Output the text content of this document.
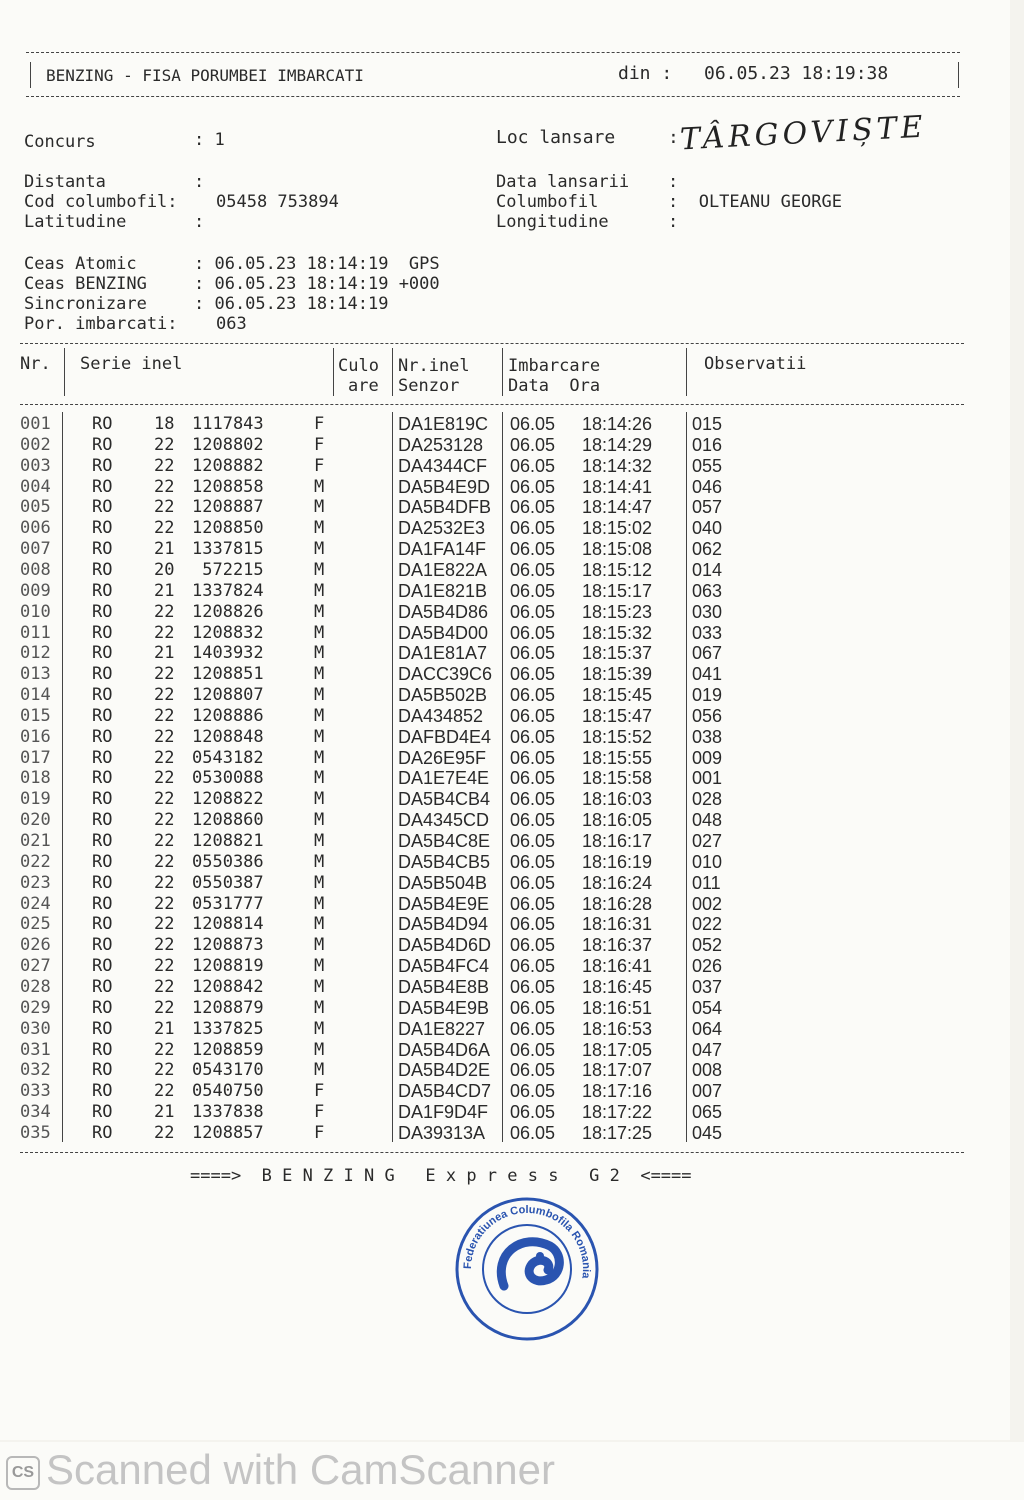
BENZING - FISA PORUMBEI IMBARCATI	din : 06.05.23 18:19:38
Concurs	: 1	Loc lansare	: TÂRGOVIȘTE
Distanta	:
Cod columbofil: 05458 753894
Latitudine	:
Data lansarii :
Columbofil	:  OLTEANU GEORGE
Longitudine	:
Ceas Atomic	: 06.05.23 18:14:19  GPS
Ceas BENZING	: 06.05.23 18:14:19 +000
Sincronizare	: 06.05.23 18:14:19
Por. imbarcati: 063
Nr. Serie inel	Culo
are
Nr.inel
Senzor
Imbarcare
Data  Ora
Observatii
001 RO 18 1117843	F	DA1E819C 06.05 18:14:26 015
002 RO 22 1208802	F	DA253128 06.05 18:14:29 016
003 RO 22 1208882	F	DA4344CF 06.05 18:14:32 055
004 RO 22 1208858	M	DA5B4E9D 06.05 18:14:41 046
005 RO 22 1208887	M	DA5B4DFB 06.05 18:14:47 057
006 RO 22 1208850	M	DA2532E3 06.05 18:15:02 040
007 RO 21 1337815	M	DA1FA14F 06.05 18:15:08 062
008 RO 20 572215	M	DA1E822A 06.05 18:15:12 014
009 RO 21 1337824	M	DA1E821B 06.05 18:15:17 063
010 RO 22 1208826	M	DA5B4D86 06.05 18:15:23 030
011 RO 22 1208832	M	DA5B4D00 06.05 18:15:32 033
012 RO 21 1403932	M	DA1E81A7 06.05 18:15:37 067
013 RO 22 1208851	M	DACC39C6 06.05 18:15:39 041
014 RO 22 1208807	M	DA5B502B 06.05 18:15:45 019
015 RO 22 1208886	M	DA434852 06.05 18:15:47 056
016 RO 22 1208848	M	DAFBD4E4 06.05 18:15:52 038
017 RO 22 0543182	M	DA26E95F 06.05 18:15:55 009
018 RO 22 0530088	M	DA1E7E4E 06.05 18:15:58 001
019 RO 22 1208822	M	DA5B4CB4 06.05 18:16:03 028
020 RO 22 1208860	M	DA4345CD 06.05 18:16:05 048
021 RO 22 1208821	M	DA5B4C8E 06.05 18:16:17 027
022 RO 22 0550386	M	DA5B4CB5 06.05 18:16:19 010
023 RO 22 0550387	M	DA5B504B 06.05 18:16:24 011
024 RO 22 0531777	M	DA5B4E9E 06.05 18:16:28 002
025 RO 22 1208814	M	DA5B4D94 06.05 18:16:31 022
026 RO 22 1208873	M	DA5B4D6D 06.05 18:16:37 052
027 RO 22 1208819	M	DA5B4FC4 06.05 18:16:41 026
028 RO 22 1208842	M	DA5B4E8B 06.05 18:16:45 037
029 RO 22 1208879	M	DA5B4E9B 06.05 18:16:51 054
030 RO 21 1337825	M	DA1E8227 06.05 18:16:53 064
031 RO 22 1208859	M	DA5B4D6A 06.05 18:17:05 047
032 RO 22 0543170	M	DA5B4D2E 06.05 18:17:07 008
033 RO 22 0540750	F	DA5B4CD7 06.05 18:17:16 007
034 RO 21 1337838	F	DA1F9D4F 06.05 18:17:22 065
035 RO 22 1208857	F	DA39313A 06.05 18:17:25 045
====>  B E N Z I N G   E x p r e s s   G 2  <====
Federatiunea Columbofila Romania
CS Scanned with CamScanner
